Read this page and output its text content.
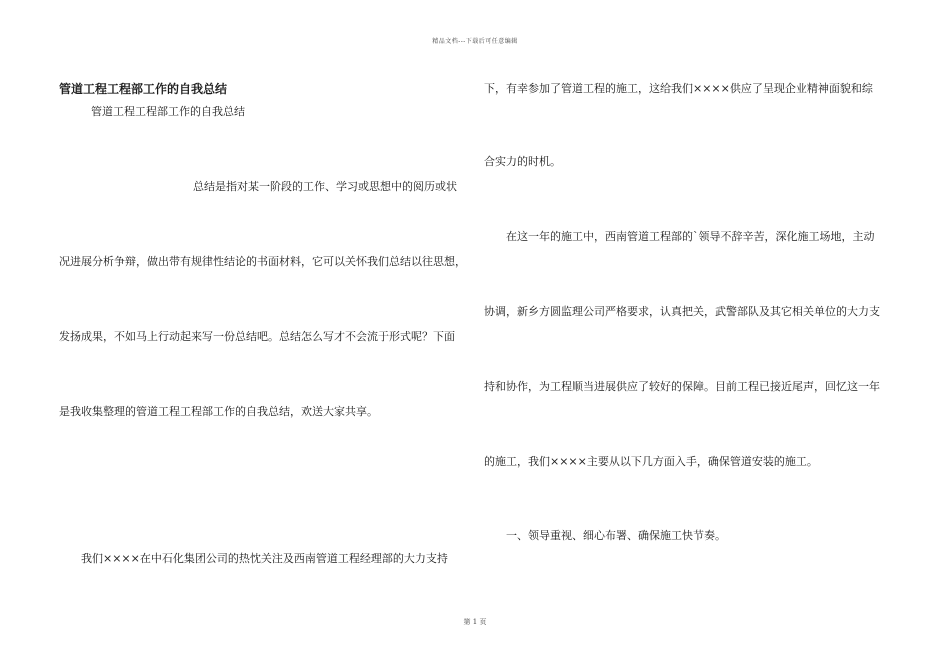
精品文档---下载后可任意编辑
管道工程工程部工作的自我总结
管道工程工程部工作的自我总结
总结是指对某一阶段的工作、学习或思想中的阅历或状
况进展分析争辩，做出带有规律性结论的书面材料，它可以关怀我们总结以往思想，
发扬成果，不如马上行动起来写一份总结吧。总结怎么写才不会流于形式呢？下面
是我收集整理的管道工程工程部工作的自我总结，欢送大家共享。
我们××××在中石化集团公司的热忱关注及西南管道工程经理部的大力支持
下，有幸参加了管道工程的施工，这给我们××××供应了呈现企业精神面貌和综
合实力的时机。
在这一年的施工中，西南管道工程部的`领导不辞辛苦，深化施工场地，主动
协调，新乡方圆监理公司严格要求，认真把关，武警部队及其它相关单位的大力支
持和协作，为工程顺当进展供应了较好的保障。目前工程已接近尾声，回忆这一年
的施工，我们××××主要从以下几方面入手，确保管道安装的施工。
一、领导重视、细心布署、确保施工快节奏。
第 1 页
